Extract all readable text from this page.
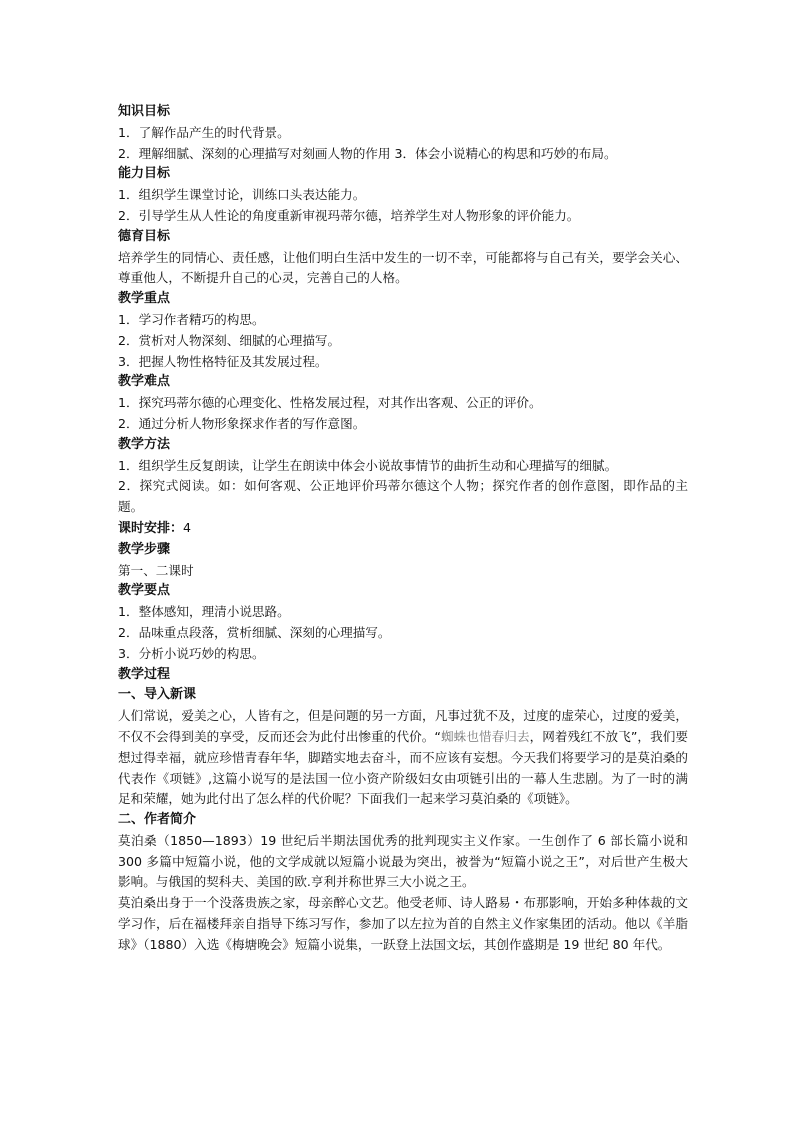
知识目标
1．了解作品产生的时代背景。
2．理解细腻、深刻的心理描写对刻画人物的作用 3．体会小说精心的构思和巧妙的布局。
能力目标
1．组织学生课堂讨论，训练口头表达能力。
2．引导学生从人性论的角度重新审视玛蒂尔德，培养学生对人物形象的评价能力。
德育目标
培养学生的同情心、责任感，让他们明白生活中发生的一切不幸，可能都将与自己有关，要学会关心、尊重他人，不断提升自己的心灵，完善自己的人格。
教学重点
1．学习作者精巧的构思。
2．赏析对人物深刻、细腻的心理描写。
3．把握人物性格特征及其发展过程。
教学难点
1．探究玛蒂尔德的心理变化、性格发展过程，对其作出客观、公正的评价。
2．通过分析人物形象探求作者的写作意图。
教学方法
1．组织学生反复朗读，让学生在朗读中体会小说故事情节的曲折生动和心理描写的细腻。
2．探究式阅读。如：如何客观、公正地评价玛蒂尔德这个人物；探究作者的创作意图，即作品的主题。
课时安排：4
教学步骤
第一、二课时
教学要点
1．整体感知，理清小说思路。
2．品味重点段落，赏析细腻、深刻的心理描写。
3．分析小说巧妙的构思。
教学过程
一、导入新课
人们常说，爱美之心，人皆有之，但是问题的另一方面，凡事过犹不及，过度的虚荣心，过度的爱美，不仅不会得到美的享受，反而还会为此付出惨重的代价。“蜘蛛也惜春归去，网着残红不放飞”，我们要想过得幸福，就应珍惜青春年华，脚踏实地去奋斗，而不应该有妄想。今天我们将要学习的是莫泊桑的代表作《项链》,这篇小说写的是法国一位小资产阶级妇女由项链引出的一幕人生悲剧。为了一时的满足和荣耀，她为此付出了怎么样的代价呢？下面我们一起来学习莫泊桑的《项链》。
二、作者简介
莫泊桑（1850—1893）19 世纪后半期法国优秀的批判现实主义作家。一生创作了 6 部长篇小说和 300 多篇中短篇小说，他的文学成就以短篇小说最为突出，被誉为“短篇小说之王”，对后世产生极大影响。与俄国的契科夫、美国的欧.亨利并称世界三大小说之王。
莫泊桑出身于一个没落贵族之家，母亲醉心文艺。他受老师、诗人路易・布那影响，开始多种体裁的文学习作，后在福楼拜亲自指导下练习写作，参加了以左拉为首的自然主义作家集团的活动。他以《羊脂球》（1880）入选《梅塘晚会》短篇小说集，一跃登上法国文坛，其创作盛期是 19 世纪 80 年代。
